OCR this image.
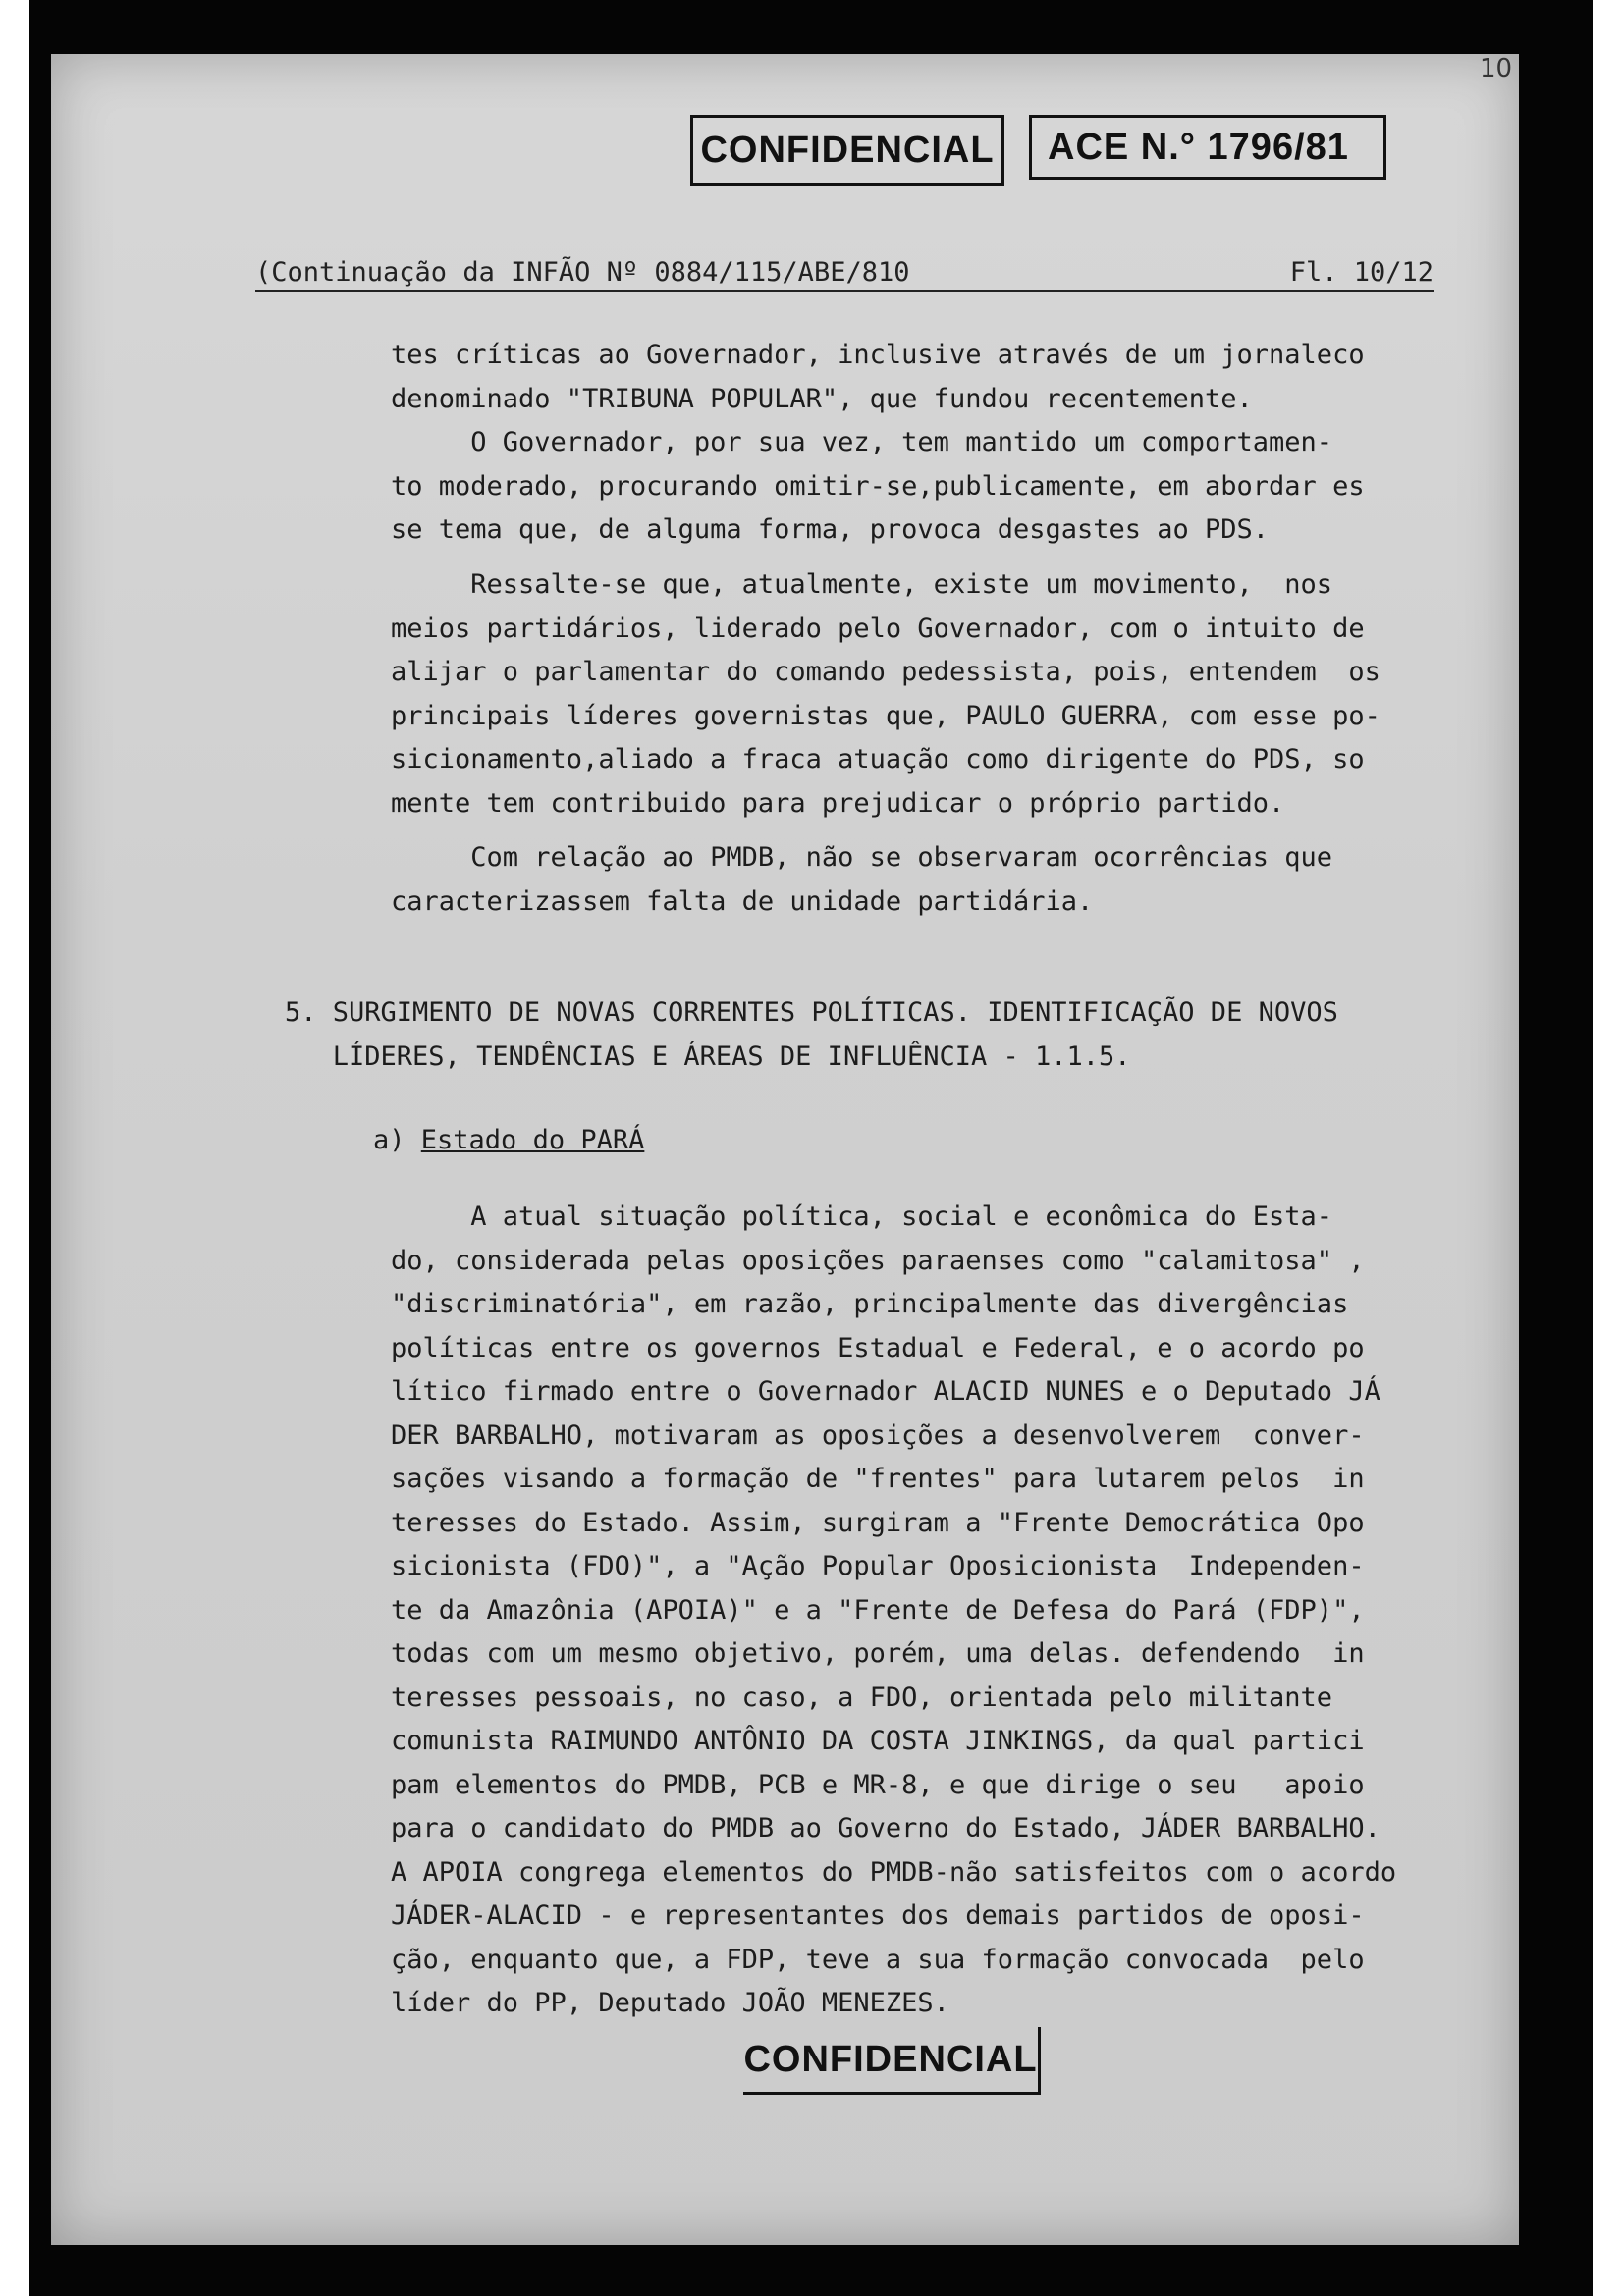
10
CONFIDENCIAL	ACE N.° 1796/81
(Continuação da INFÃO Nº 0884/115/ABE/810	Fl. 10/12
tes críticas ao Governador, inclusive através de um jornaleco
denominado "TRIBUNA POPULAR", que fundou recentemente.
O Governador, por sua vez, tem mantido um comportamen-
to moderado, procurando omitir-se,publicamente, em abordar es
se tema que, de alguma forma, provoca desgastes ao PDS.
Ressalte-se que, atualmente, existe um movimento,  nos
meios partidários, liderado pelo Governador, com o intuito de
alijar o parlamentar do comando pedessista, pois, entendem  os
principais líderes governistas que, PAULO GUERRA, com esse po-
sicionamento,aliado a fraca atuação como dirigente do PDS, so
mente tem contribuido para prejudicar o próprio partido.
Com relação ao PMDB, não se observaram ocorrências que
caracterizassem falta de unidade partidária.
5. SURGIMENTO DE NOVAS CORRENTES POLÍTICAS. IDENTIFICAÇÃO DE NOVOS
LÍDERES, TENDÊNCIAS E ÁREAS DE INFLUÊNCIA - 1.1.5.
a) Estado do PARÁ
A atual situação política, social e econômica do Esta-
do, considerada pelas oposições paraenses como "calamitosa" ,
"discriminatória", em razão, principalmente das divergências
políticas entre os governos Estadual e Federal, e o acordo po
lítico firmado entre o Governador ALACID NUNES e o Deputado JÁ
DER BARBALHO, motivaram as oposições a desenvolverem  conver-
sações visando a formação de "frentes" para lutarem pelos  in
teresses do Estado. Assim, surgiram a "Frente Democrática Opo
sicionista (FDO)", a "Ação Popular Oposicionista  Independen-
te da Amazônia (APOIA)" e a "Frente de Defesa do Pará (FDP)",
todas com um mesmo objetivo, porém, uma delas. defendendo  in
teresses pessoais, no caso, a FDO, orientada pelo militante
comunista RAIMUNDO ANTÔNIO DA COSTA JINKINGS, da qual partici
pam elementos do PMDB, PCB e MR-8, e que dirige o seu   apoio
para o candidato do PMDB ao Governo do Estado, JÁDER BARBALHO.
A APOIA congrega elementos do PMDB-não satisfeitos com o acordo
JÁDER-ALACID - e representantes dos demais partidos de oposi-
ção, enquanto que, a FDP, teve a sua formação convocada  pelo
líder do PP, Deputado JOÃO MENEZES.
CONFIDENCIAL
